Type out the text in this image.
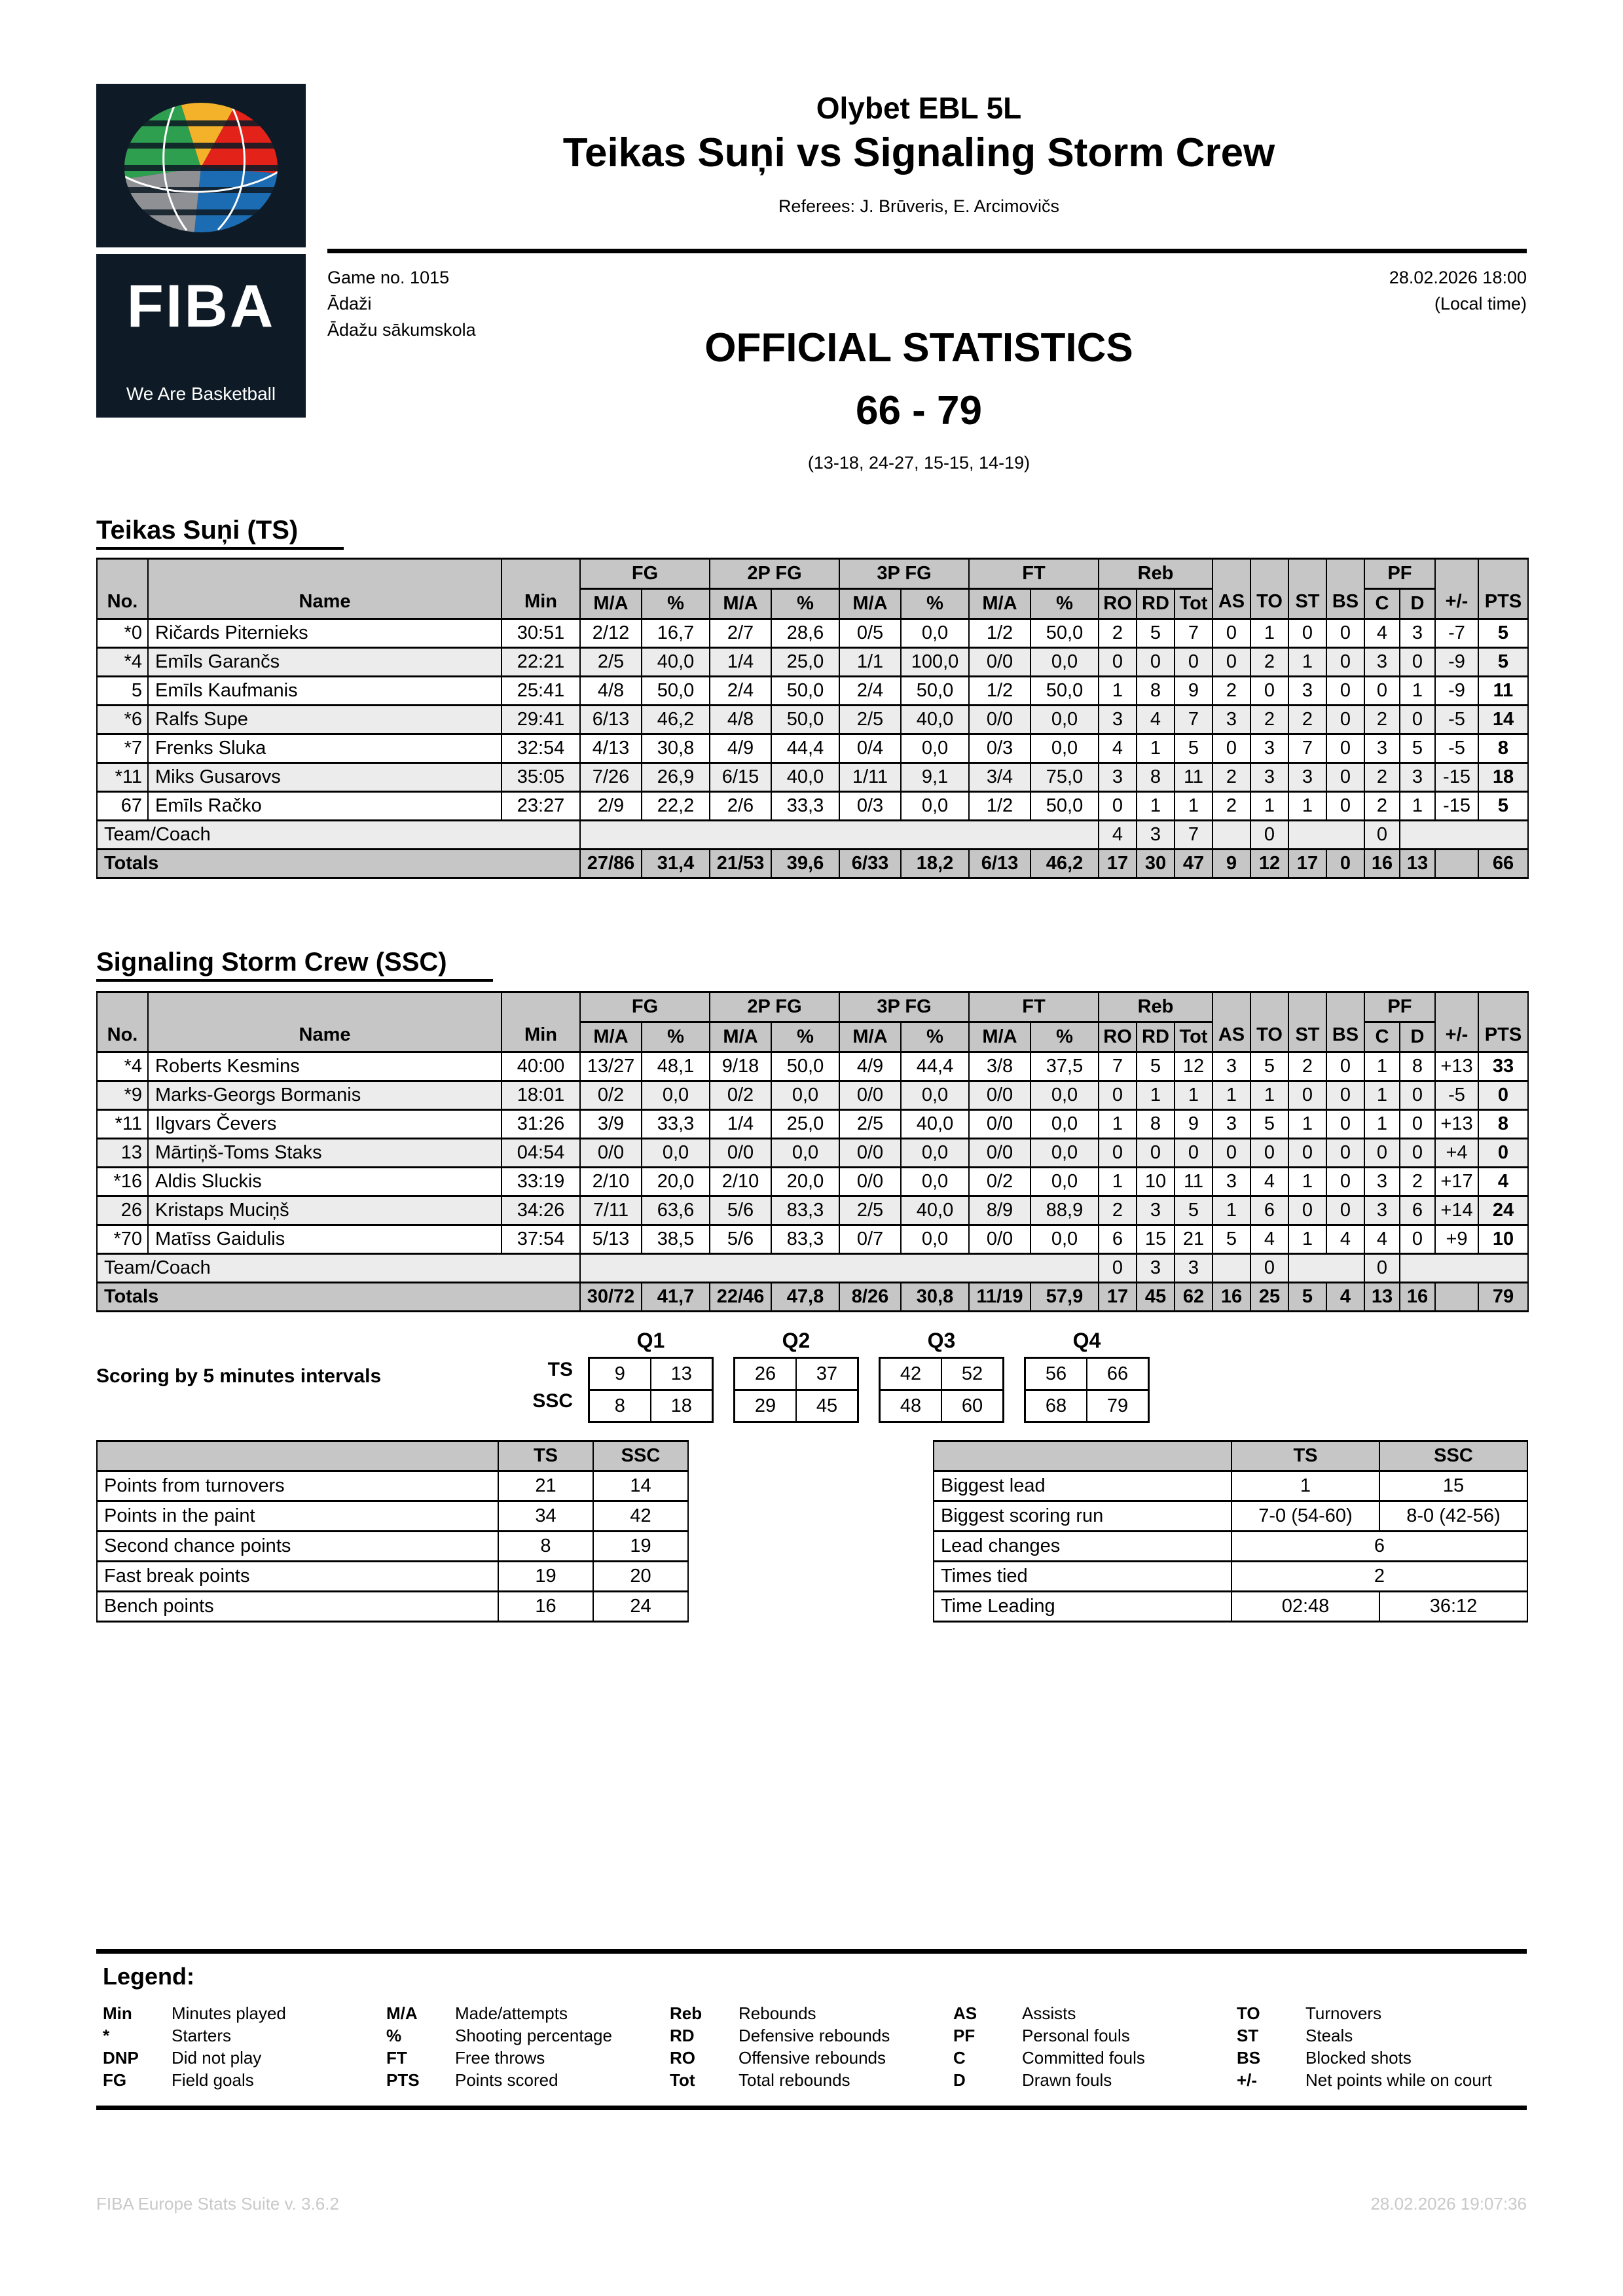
FIBA
We Are Basketball
Olybet EBL 5L
Teikas Suņi vs Signaling Storm Crew
Referees: J. Brūveris, E. Arcimovičs
Game no. 1015
Ādaži
Ādažu sākumskola
28.02.2026 18:00
(Local time)
OFFICIAL STATISTICS
66 - 79
(13-18, 24-27, 15-15, 14-19)
Teikas Suņi (TS)
No.	Name	Min	FG		2P FG		3P FG		FT		Reb			AS	TO	ST	BS	PF		+/-	PTS
			M/A	%	M/A	%	M/A	%	M/A	%	RO	RD	Tot					C	D		
*0	Ričards Piternieks	30:51	2/12	16,7	2/7	28,6	0/5	0,0	1/2	50,0	2	5	7	0	1	0	0	4	3	-7	5
*4	Emīls Garančs	22:21	2/5	40,0	1/4	25,0	1/1	100,0	0/0	0,0	0	0	0	0	2	1	0	3	0	-9	5
5	Emīls Kaufmanis	25:41	4/8	50,0	2/4	50,0	2/4	50,0	1/2	50,0	1	8	9	2	0	3	0	0	1	-9	11
*6	Ralfs Supe	29:41	6/13	46,2	4/8	50,0	2/5	40,0	0/0	0,0	3	4	7	3	2	2	0	2	0	-5	14
*7	Frenks Sluka	32:54	4/13	30,8	4/9	44,4	0/4	0,0	0/3	0,0	4	1	5	0	3	7	0	3	5	-5	8
*11	Miks Gusarovs	35:05	7/26	26,9	6/15	40,0	1/11	9,1	3/4	75,0	3	8	11	2	3	3	0	2	3	-15	18
67	Emīls Račko	23:27	2/9	22,2	2/6	33,3	0/3	0,0	1/2	50,0	0	1	1	2	1	1	0	2	1	-15	5
Team/Coach											4	3	7		0			0			
Totals			27/86	31,4	21/53	39,6	6/33	18,2	6/13	46,2	17	30	47	9	12	17	0	16	13		66
Signaling Storm Crew (SSC)
No.	Name	Min	FG		2P FG		3P FG		FT		Reb			AS	TO	ST	BS	PF		+/-	PTS
			M/A	%	M/A	%	M/A	%	M/A	%	RO	RD	Tot					C	D		
*4	Roberts Kesmins	40:00	13/27	48,1	9/18	50,0	4/9	44,4	3/8	37,5	7	5	12	3	5	2	0	1	8	+13	33
*9	Marks-Georgs Bormanis	18:01	0/2	0,0	0/2	0,0	0/0	0,0	0/0	0,0	0	1	1	1	1	0	0	1	0	-5	0
*11	Ilgvars Čevers	31:26	3/9	33,3	1/4	25,0	2/5	40,0	0/0	0,0	1	8	9	3	5	1	0	1	0	+13	8
13	Mārtiņš-Toms Staks	04:54	0/0	0,0	0/0	0,0	0/0	0,0	0/0	0,0	0	0	0	0	0	0	0	0	0	+4	0
*16	Aldis Sluckis	33:19	2/10	20,0	2/10	20,0	0/0	0,0	0/2	0,0	1	10	11	3	4	1	0	3	2	+17	4
26	Kristaps Muciņš	34:26	7/11	63,6	5/6	83,3	2/5	40,0	8/9	88,9	2	3	5	1	6	0	0	3	6	+14	24
*70	Matīss Gaidulis	37:54	5/13	38,5	5/6	83,3	0/7	0,0	0/0	0,0	6	15	21	5	4	1	4	4	0	+9	10
Team/Coach											0	3	3		0			0			
Totals			30/72	41,7	22/46	47,8	8/26	30,8	11/19	57,9	17	45	62	16	25	5	4	13	16		79
Scoring by 5 minutes intervals	TS
SSC
Q1
9	13
8	18
Q2
26	37
29	45
Q3
42	52
48	60
Q4
56	66
68	79
	TS	SSC
Points from turnovers	21	14
Points in the paint	34	42
Second chance points	8	19
Fast break points	19	20
Bench points	16	24
	TS	SSC
Biggest lead	1	15
Biggest scoring run	7-0 (54-60)	8-0 (42-56)
Lead changes	6	
Times tied	2	
Time Leading	02:48	36:12
Legend:
Min	Minutes played
*	Starters
DNP	Did not play
FG	Field goals
M/A	Made/attempts
%	Shooting percentage
FT	Free throws
PTS	Points scored
Reb	Rebounds
RD	Defensive rebounds
RO	Offensive rebounds
Tot	Total rebounds
AS	Assists
PF	Personal fouls
C	Committed fouls
D	Drawn fouls
TO	Turnovers
ST	Steals
BS	Blocked shots
+/-	Net points while on court
FIBA Europe Stats Suite v. 3.6.2	28.02.2026 19:07:36
